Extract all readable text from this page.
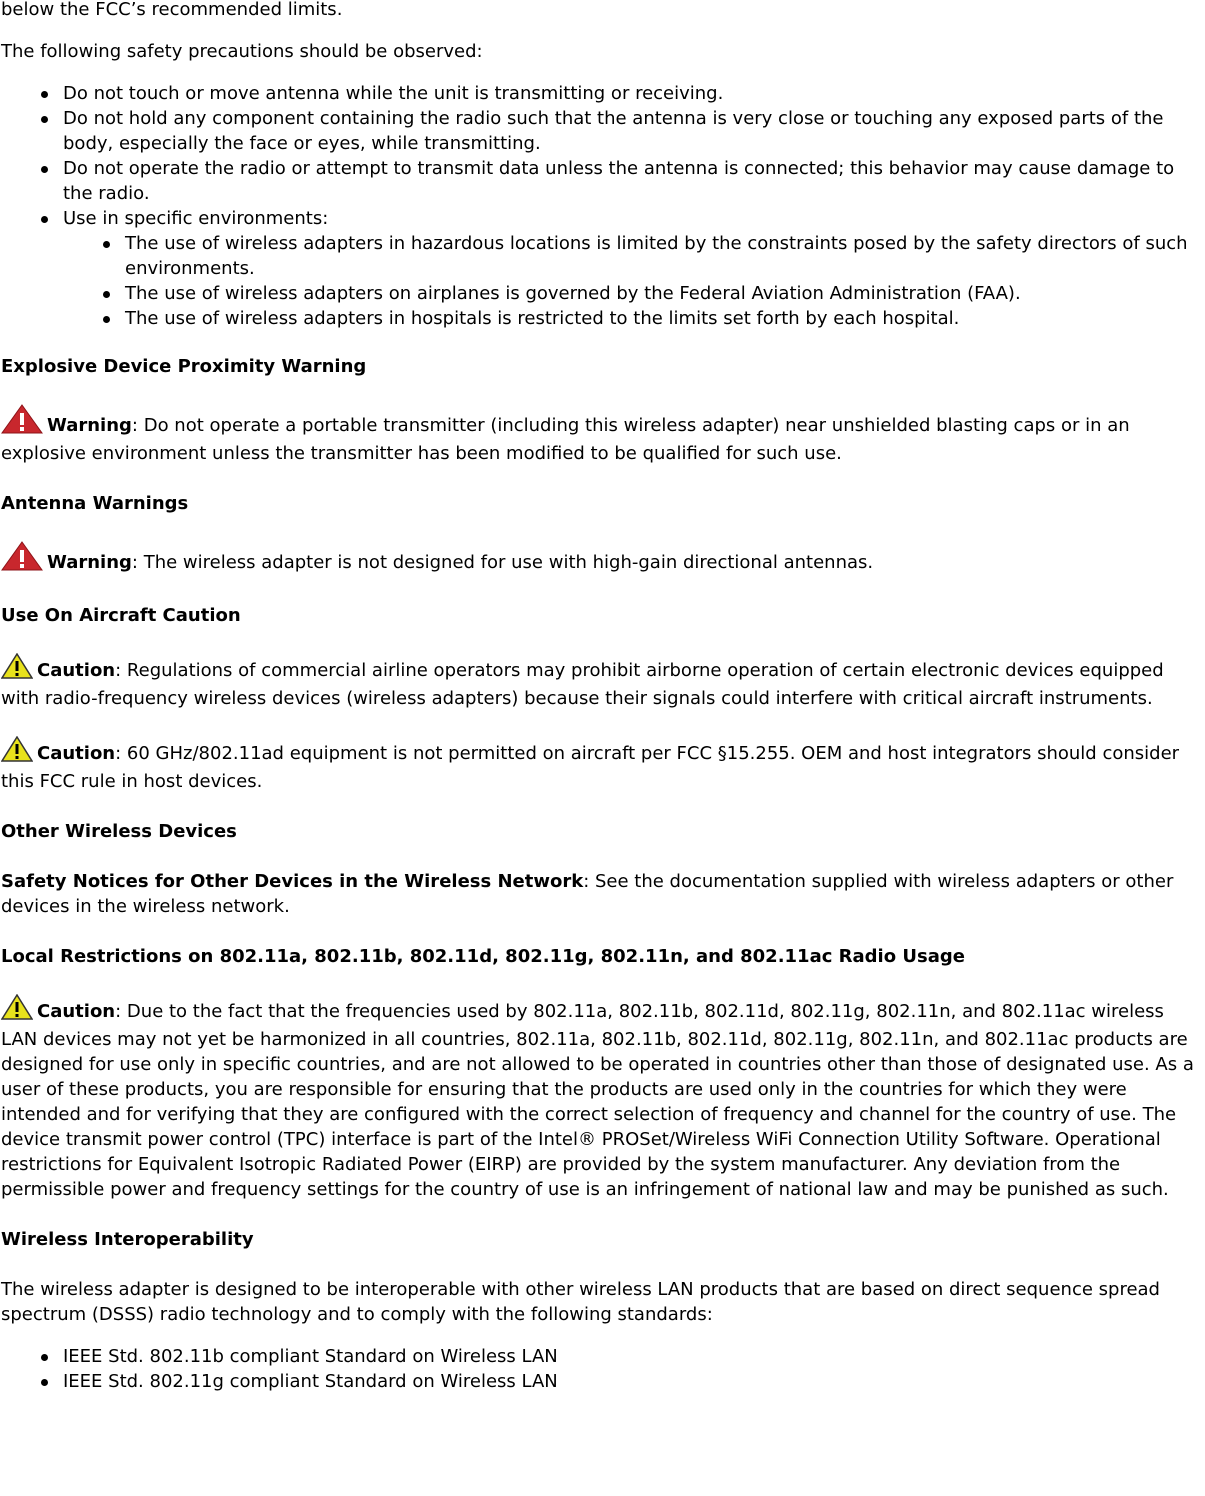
below the FCC’s recommended limits.

The following safety precautions should be observed:

Do not touch or move antenna while the unit is transmitting or receiving.
Do not hold any component containing the radio such that the antenna is very close or touching any exposed parts of the body, especially the face or eyes, while transmitting.
Do not operate the radio or attempt to transmit data unless the antenna is connected; this behavior may cause damage to the radio.
Use in specific environments:
The use of wireless adapters in hazardous locations is limited by the constraints posed by the safety directors of such environments.
The use of wireless adapters on airplanes is governed by the Federal Aviation Administration (FAA).
The use of wireless adapters in hospitals is restricted to the limits set forth by each hospital.

Explosive Device Proximity Warning

Warning: Do not operate a portable transmitter (including this wireless adapter) near unshielded blasting caps or in an explosive environment unless the transmitter has been modified to be qualified for such use.

Antenna Warnings

Warning: The wireless adapter is not designed for use with high-gain directional antennas.

Use On Aircraft Caution

Caution: Regulations of commercial airline operators may prohibit airborne operation of certain electronic devices equipped with radio-frequency wireless devices (wireless adapters) because their signals could interfere with critical aircraft instruments.

Caution: 60 GHz/802.11ad equipment is not permitted on aircraft per FCC §15.255. OEM and host integrators should consider this FCC rule in host devices.

Other Wireless Devices

Safety Notices for Other Devices in the Wireless Network: See the documentation supplied with wireless adapters or other devices in the wireless network.

Local Restrictions on 802.11a, 802.11b, 802.11d, 802.11g, 802.11n, and 802.11ac Radio Usage

Caution: Due to the fact that the frequencies used by 802.11a, 802.11b, 802.11d, 802.11g, 802.11n, and 802.11ac wireless LAN devices may not yet be harmonized in all countries, 802.11a, 802.11b, 802.11d, 802.11g, 802.11n, and 802.11ac products are designed for use only in specific countries, and are not allowed to be operated in countries other than those of designated use. As a user of these products, you are responsible for ensuring that the products are used only in the countries for which they were intended and for verifying that they are configured with the correct selection of frequency and channel for the country of use. The device transmit power control (TPC) interface is part of the Intel® PROSet/Wireless WiFi Connection Utility Software. Operational restrictions for Equivalent Isotropic Radiated Power (EIRP) are provided by the system manufacturer. Any deviation from the permissible power and frequency settings for the country of use is an infringement of national law and may be punished as such.

Wireless Interoperability

The wireless adapter is designed to be interoperable with other wireless LAN products that are based on direct sequence spread spectrum (DSSS) radio technology and to comply with the following standards:

IEEE Std. 802.11b compliant Standard on Wireless LAN
IEEE Std. 802.11g compliant Standard on Wireless LAN
